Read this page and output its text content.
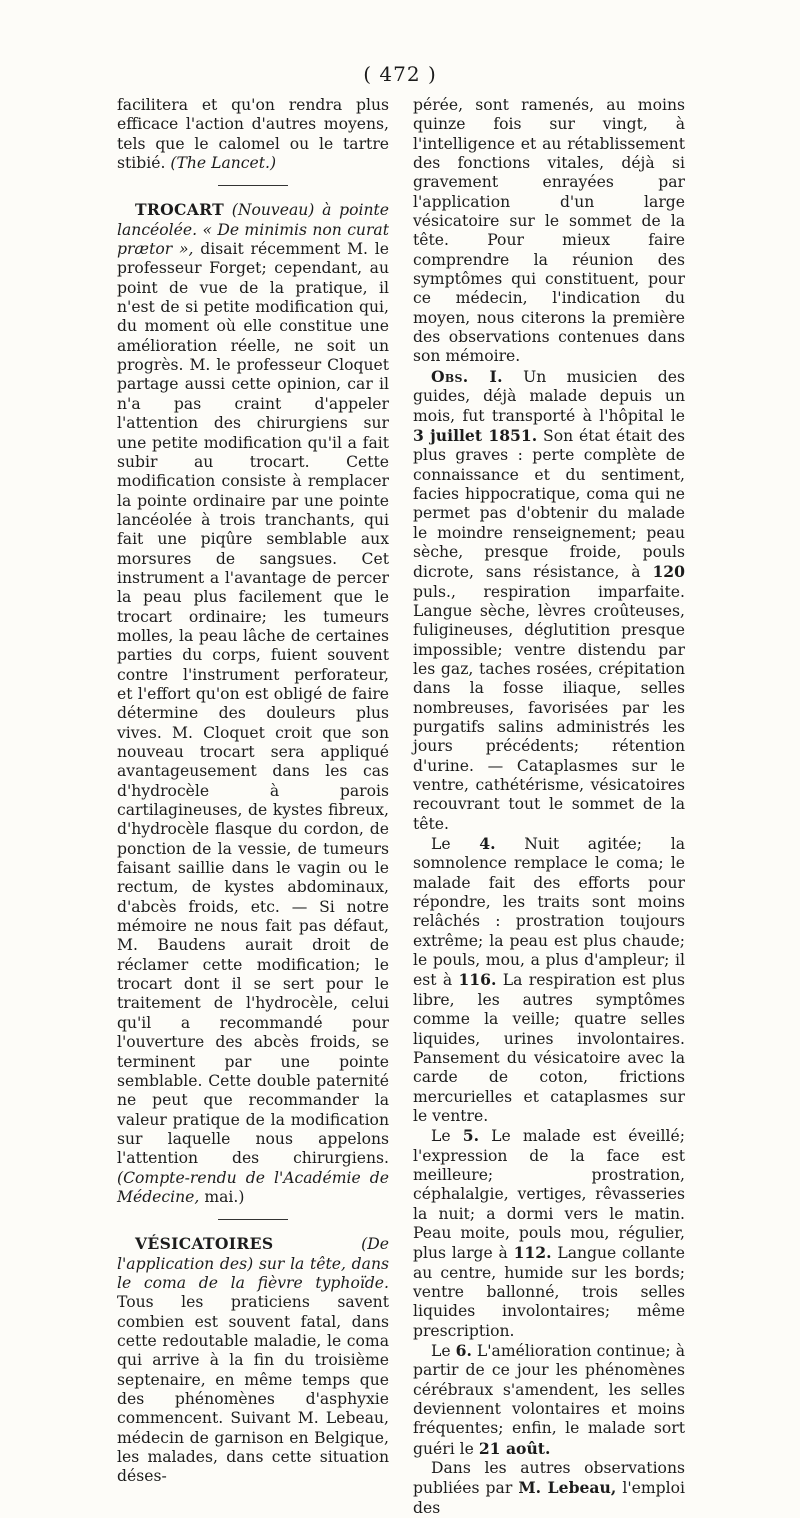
( 472 )

facilitera et qu'on rendra plus efficace l'action d'autres moyens, tels que le calomel ou le tartre stibié. (The Lancet.)

TROCART (Nouveau) à pointe lancéolée. « De minimis non curat prætor », disait récemment M. le professeur Forget; cependant, au point de vue de la pratique, il n'est de si petite modification qui, du moment où elle constitue une amélioration réelle, ne soit un progrès. M. le professeur Cloquet partage aussi cette opinion, car il n'a pas craint d'appeler l'attention des chirurgiens sur une petite modification qu'il a fait subir au trocart. Cette modification consiste à remplacer la pointe ordinaire par une pointe lancéolée à trois tranchants, qui fait une piqûre semblable aux morsures de sangsues. Cet instrument a l'avantage de percer la peau plus facilement que le trocart ordinaire; les tumeurs molles, la peau lâche de certaines parties du corps, fuient souvent contre l'instrument perforateur, et l'effort qu'on est obligé de faire détermine des douleurs plus vives. M. Cloquet croit que son nouveau trocart sera appliqué avantageusement dans les cas d'hydrocèle à parois cartilagineuses, de kystes fibreux, d'hydrocèle flasque du cordon, de ponction de la vessie, de tumeurs faisant saillie dans le vagin ou le rectum, de kystes abdominaux, d'abcès froids, etc. — Si notre mémoire ne nous fait pas défaut, M. Baudens aurait droit de réclamer cette modification; le trocart dont il se sert pour le traitement de l'hydrocèle, celui qu'il a recommandé pour l'ouverture des abcès froids, se terminent par une pointe semblable. Cette double paternité ne peut que recommander la valeur pratique de la modification sur laquelle nous appelons l'attention des chirurgiens. (Compte-rendu de l'Académie de Médecine, mai.)

VÉSICATOIRES	(De l'application des) sur la tête, dans le coma de la fièvre typhoïde. Tous les praticiens savent combien est souvent fatal, dans cette redoutable maladie, le coma qui arrive à la fin du troisième septenaire, en même temps que des phénomènes d'asphyxie commencent. Suivant M. Lebeau, médecin de garnison en Belgique, les malades, dans cette situation déses-

pérée, sont ramenés, au moins quinze fois sur vingt, à l'intelligence et au rétablissement des fonctions vitales, déjà si gravement enrayées par l'application d'un large vésicatoire sur le sommet de la tête. Pour mieux faire comprendre la réunion des symptômes qui constituent, pour ce médecin, l'indication du moyen, nous citerons la première des observations contenues dans son mémoire.

Obs. I. Un musicien des guides, déjà malade depuis un mois, fut transporté à l'hôpital le 3 juillet 1851. Son état était des plus graves : perte complète de connaissance et du sentiment, facies hippocratique, coma qui ne permet pas d'obtenir du malade le moindre renseignement; peau sèche, presque froide, pouls dicrote, sans résistance, à 120 puls., respiration imparfaite. Langue sèche, lèvres croûteuses, fuligineuses, déglutition presque impossible; ventre distendu par les gaz, taches rosées, crépitation dans la fosse iliaque, selles nombreuses, favorisées par les purgatifs salins administrés les jours précédents; rétention d'urine. — Cataplasmes sur le ventre, cathétérisme, vésicatoires recouvrant tout le sommet de la tête.

Le 4. Nuit agitée; la somnolence remplace le coma; le malade fait des efforts pour répondre, les traits sont moins relâchés : prostration toujours extrême; la peau est plus chaude; le pouls, mou, a plus d'ampleur; il est à 116. La respiration est plus libre, les autres symptômes comme la veille; quatre selles liquides, urines involontaires. Pansement du vésicatoire avec la carde de coton, frictions mercurielles et cataplasmes sur le ventre.

Le 5. Le malade est éveillé; l'expression de la face est meilleure; prostration, céphalalgie, vertiges, rêvasseries la nuit; a dormi vers le matin. Peau moite, pouls mou, régulier, plus large à 112. Langue collante au centre, humide sur les bords; ventre ballonné, trois selles liquides involontaires; même prescription.

Le 6. L'amélioration continue; à partir de ce jour les phénomènes cérébraux s'amendent, les selles deviennent volontaires et moins fréquentes; enfin, le malade sort guéri le 21 août.

Dans les autres observations publiées par M. Lebeau, l'emploi des
